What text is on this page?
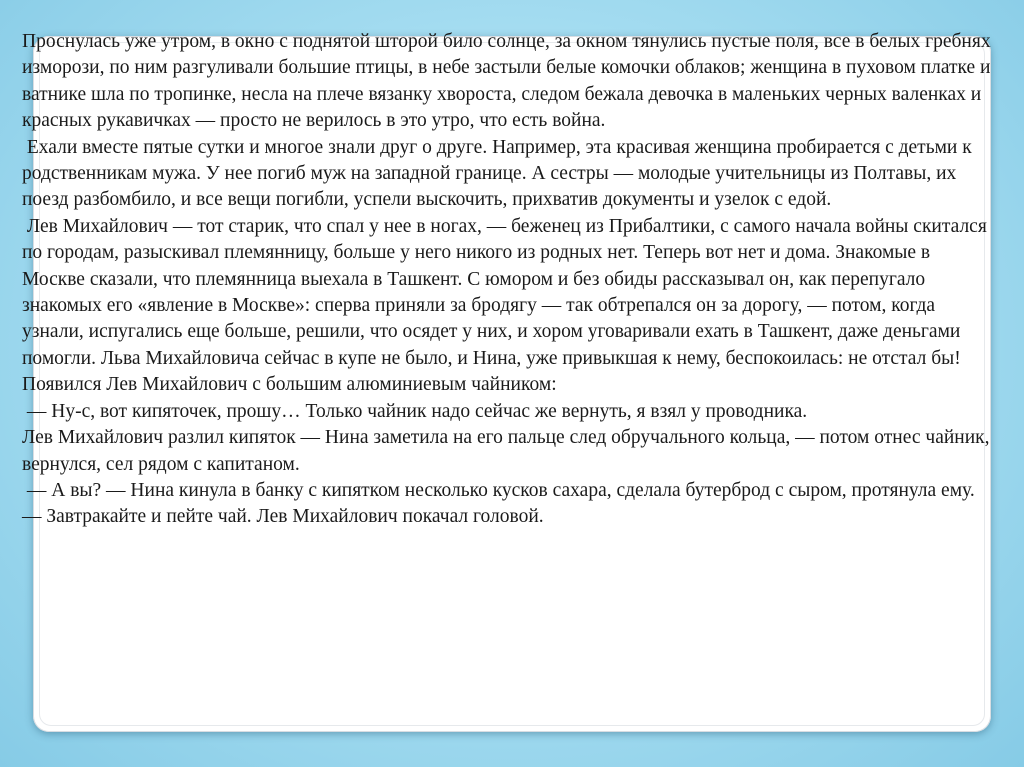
Проснулась уже утром, в окно с поднятой шторой било солнце, за окном тянулись пустые поля, все в белых гребнях изморози, по ним разгуливали большие птицы, в небе застыли белые комочки облаков; женщина в пуховом платке и ватнике шла по тропинке, несла на плече вязанку хвороста, следом бежала девочка в маленьких черных валенках и красных рукавичках — просто не верилось в это утро, что есть война.

Ехали вместе пятые сутки и многое знали друг о друге. Например, эта красивая женщина пробирается с детьми к родственникам мужа. У нее погиб муж на западной границе. А сестры — молодые учительницы из Полтавы, их поезд разбомбило, и все вещи погибли, успели выскочить, прихватив документы и узелок с едой.

Лев Михайлович — тот старик, что спал у нее в ногах, — беженец из Прибалтики, с самого начала войны скитался по городам, разыскивал племянницу, больше у него никого из родных нет. Теперь вот нет и дома. Знакомые в Москве сказали, что племянница выехала в Ташкент. С юмором и без обиды рассказывал он, как перепугало знакомых его «явление в Москве»: сперва приняли за бродягу — так обтрепался он за дорогу, — потом, когда узнали, испугались еще больше, решили, что осядет у них, и хором уговаривали ехать в Ташкент, даже деньгами помогли. Льва Михайловича сейчас в купе не было, и Нина, уже привыкшая к нему, беспокоилась: не отстал бы! Появился Лев Михайлович с большим алюминиевым чайником:

— Ну-с, вот кипяточек, прошу… Только чайник надо сейчас же вернуть, я взял у проводника.

Лев Михайлович разлил кипяток — Нина заметила на его пальце след обручального кольца, — потом отнес чайник, вернулся, сел рядом с капитаном.

— А вы? — Нина кинула в банку с кипятком несколько кусков сахара, сделала бутерброд с сыром, протянула ему. — Завтракайте и пейте чай. Лев Михайлович покачал головой.
